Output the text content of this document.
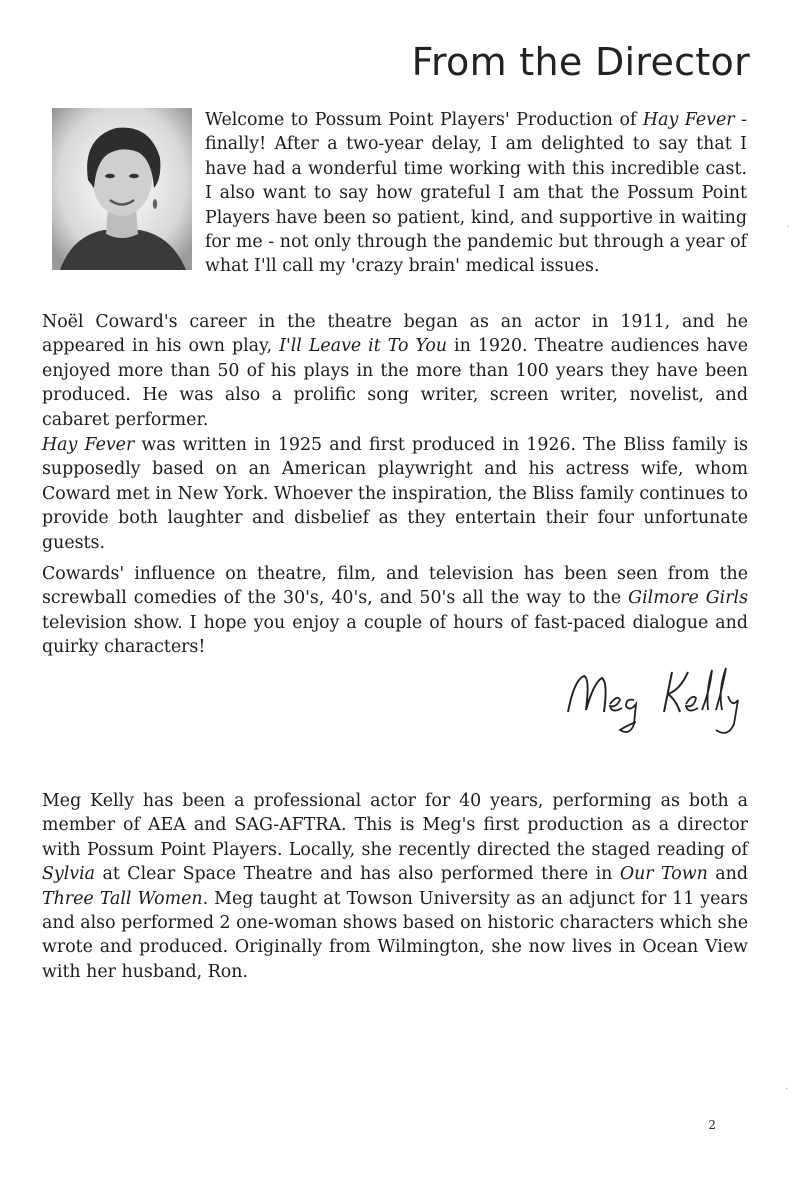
From the Director

Welcome to Possum Point Players' Production of Hay Fever - finally! After a two-year delay, I am delighted to say that I have had a wonderful time working with this incredible cast. I also want to say how grateful I am that the Possum Point Players have been so patient, kind, and supportive in waiting for me - not only through the pandemic but through a year of what I'll call my 'crazy brain' medical issues.

Noël Coward's career in the theatre began as an actor in 1911, and he appeared in his own play, I'll Leave it To You in 1920. Theatre audiences have enjoyed more than 50 of his plays in the more than 100 years they have been produced. He was also a prolific song writer, screen writer, novelist, and cabaret performer.

Hay Fever was written in 1925 and first produced in 1926. The Bliss family is supposedly based on an American playwright and his actress wife, whom Coward met in New York. Whoever the inspiration, the Bliss family continues to provide both laughter and disbelief as they entertain their four unfortunate guests.

Cowards' influence on theatre, film, and television has been seen from the screwball comedies of the 30's, 40's, and 50's all the way to the Gilmore Girls television show. I hope you enjoy a couple of hours of fast-paced dialogue and quirky characters!

Meg Kelly has been a professional actor for 40 years, performing as both a member of AEA and SAG-AFTRA. This is Meg's first production as a director with Possum Point Players. Locally, she recently directed the staged reading of Sylvia at Clear Space Theatre and has also performed there in Our Town and Three Tall Women. Meg taught at Towson University as an adjunct for 11 years and also performed 2 one-woman shows based on historic characters which she wrote and produced. Originally from Wilmington, she now lives in Ocean View with her husband, Ron.

·
·
2
